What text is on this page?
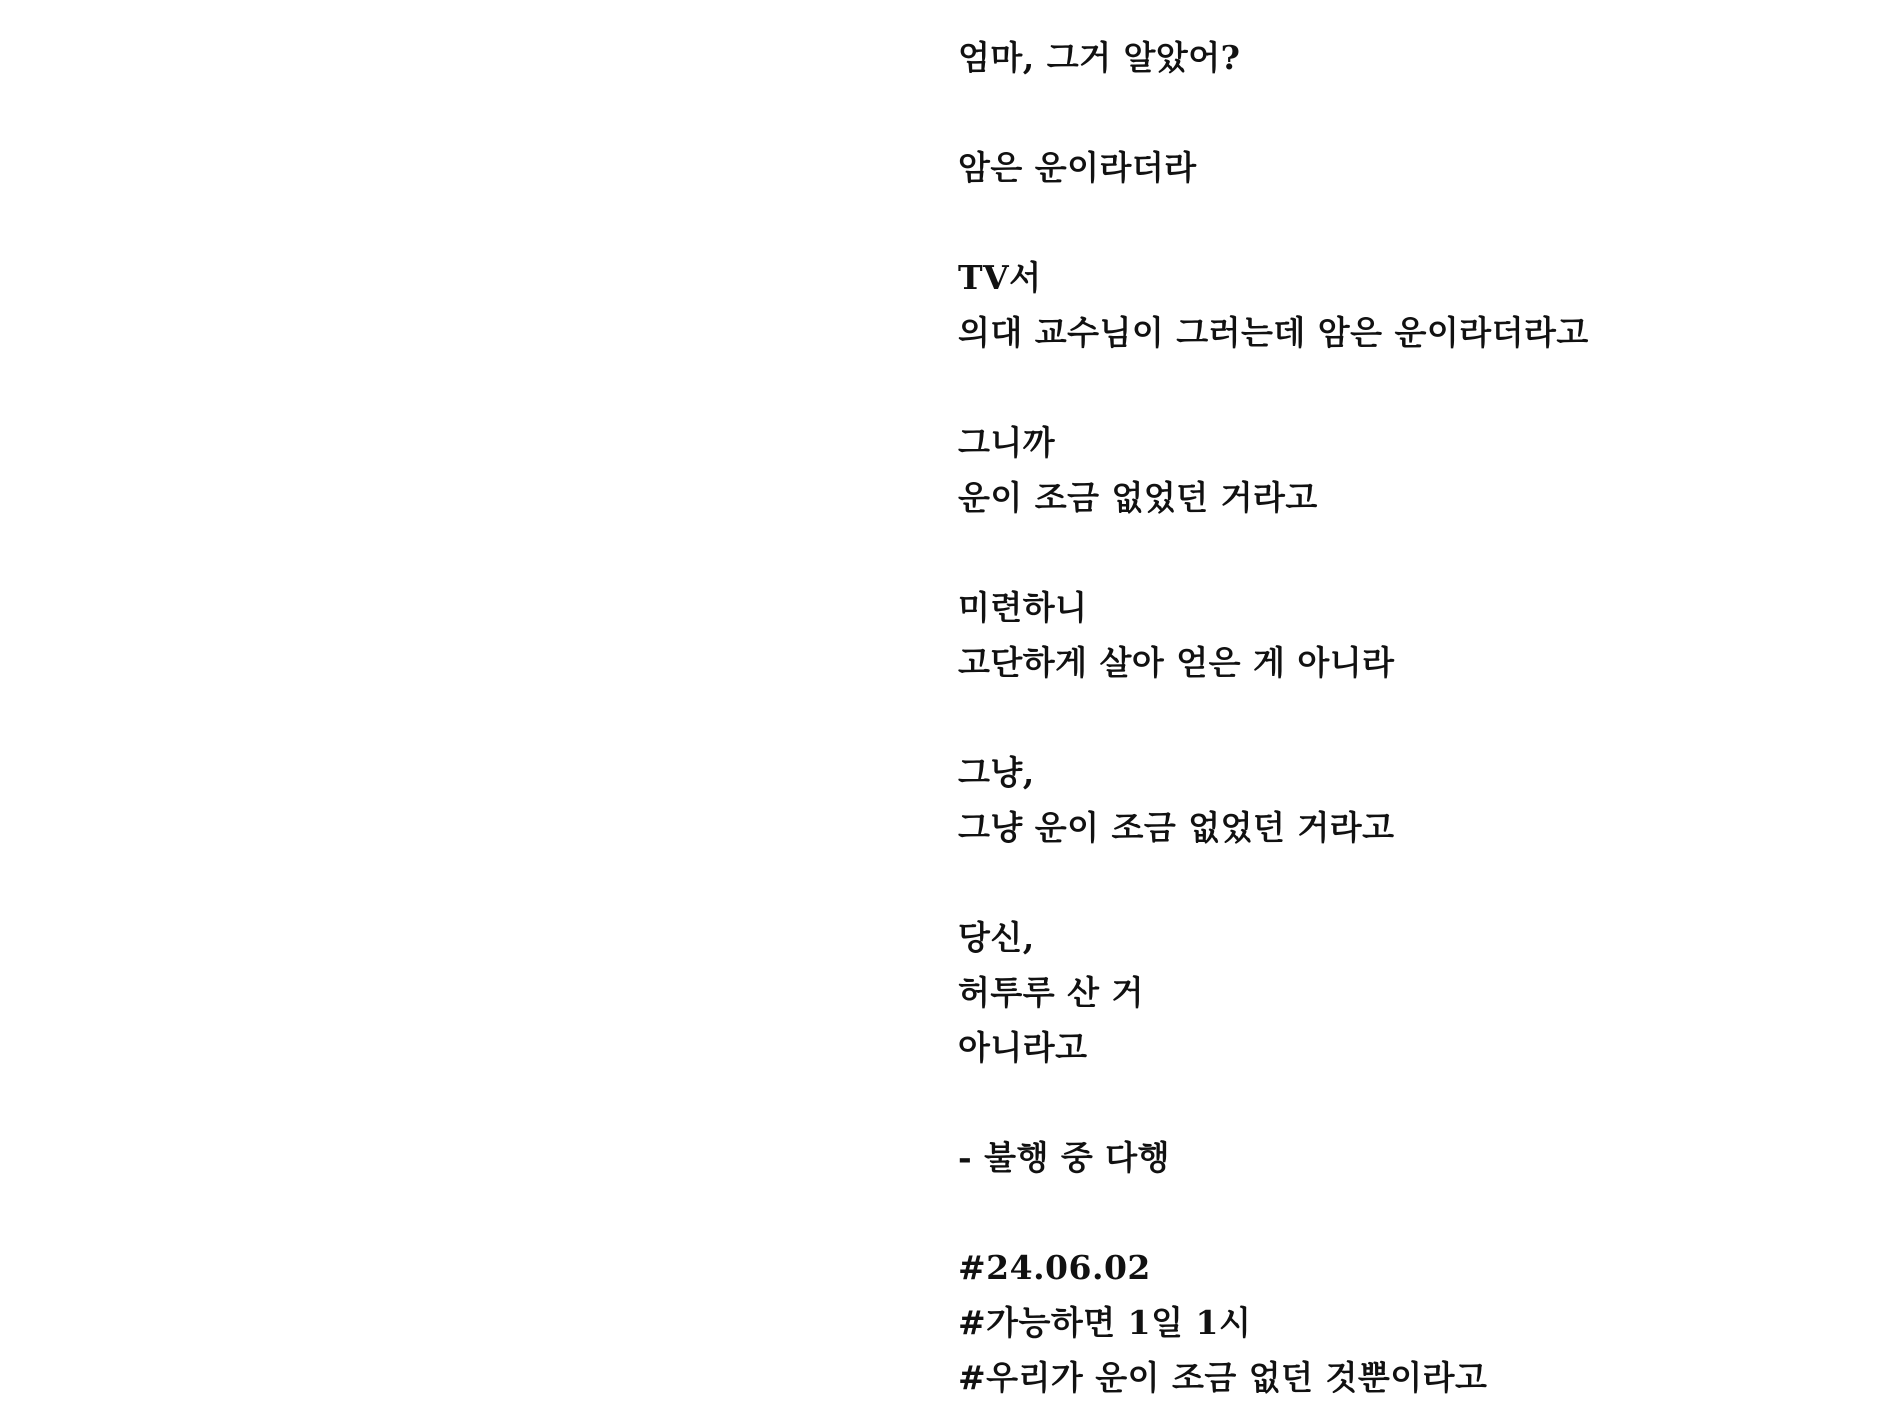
엄마, 그거 알았어?
암은 운이라더라
TV서
의대 교수님이 그러는데 암은 운이라더라고
그니까
운이 조금 없었던 거라고
미련하니
고단하게 살아 얻은 게 아니라
그냥,
그냥 운이 조금 없었던 거라고
당신,
허투루 산 거
아니라고
- 불행 중 다행
#24.06.02
#가능하면 1일 1시
#우리가 운이 조금 없던 것뿐이라고
